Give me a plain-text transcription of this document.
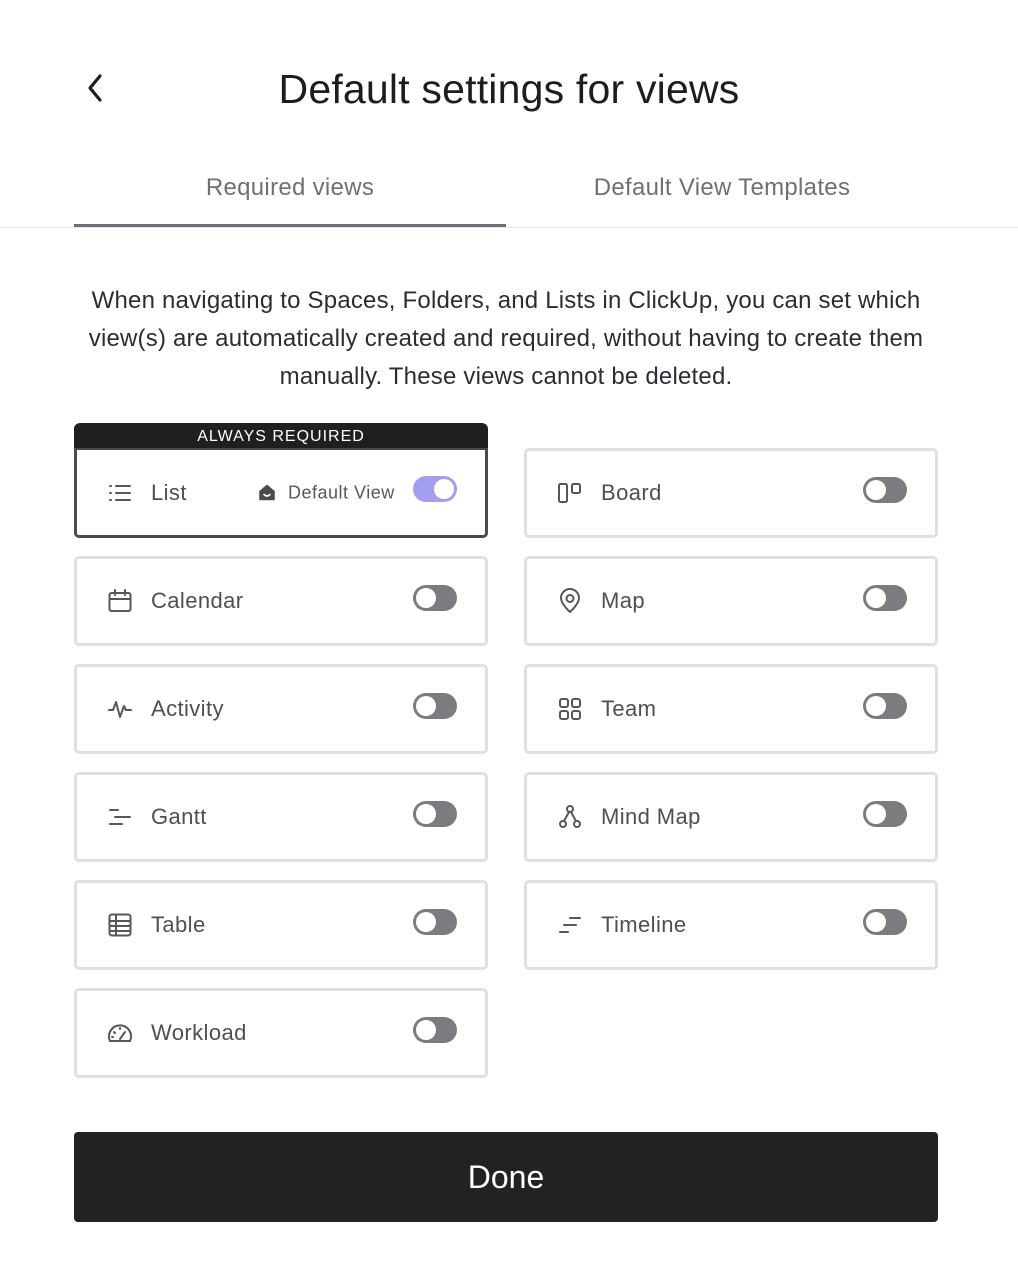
Default settings for views
Required views	Default View Templates

When navigating to Spaces, Folders, and Lists in ClickUp, you can set which view(s) are automatically created and required, without having to create them manually. These views cannot be deleted.

ALWAYS REQUIRED
List	Default View	Board
Calendar	Map
Activity	Team
Gantt	Mind Map
Table	Timeline
Workload
Done
